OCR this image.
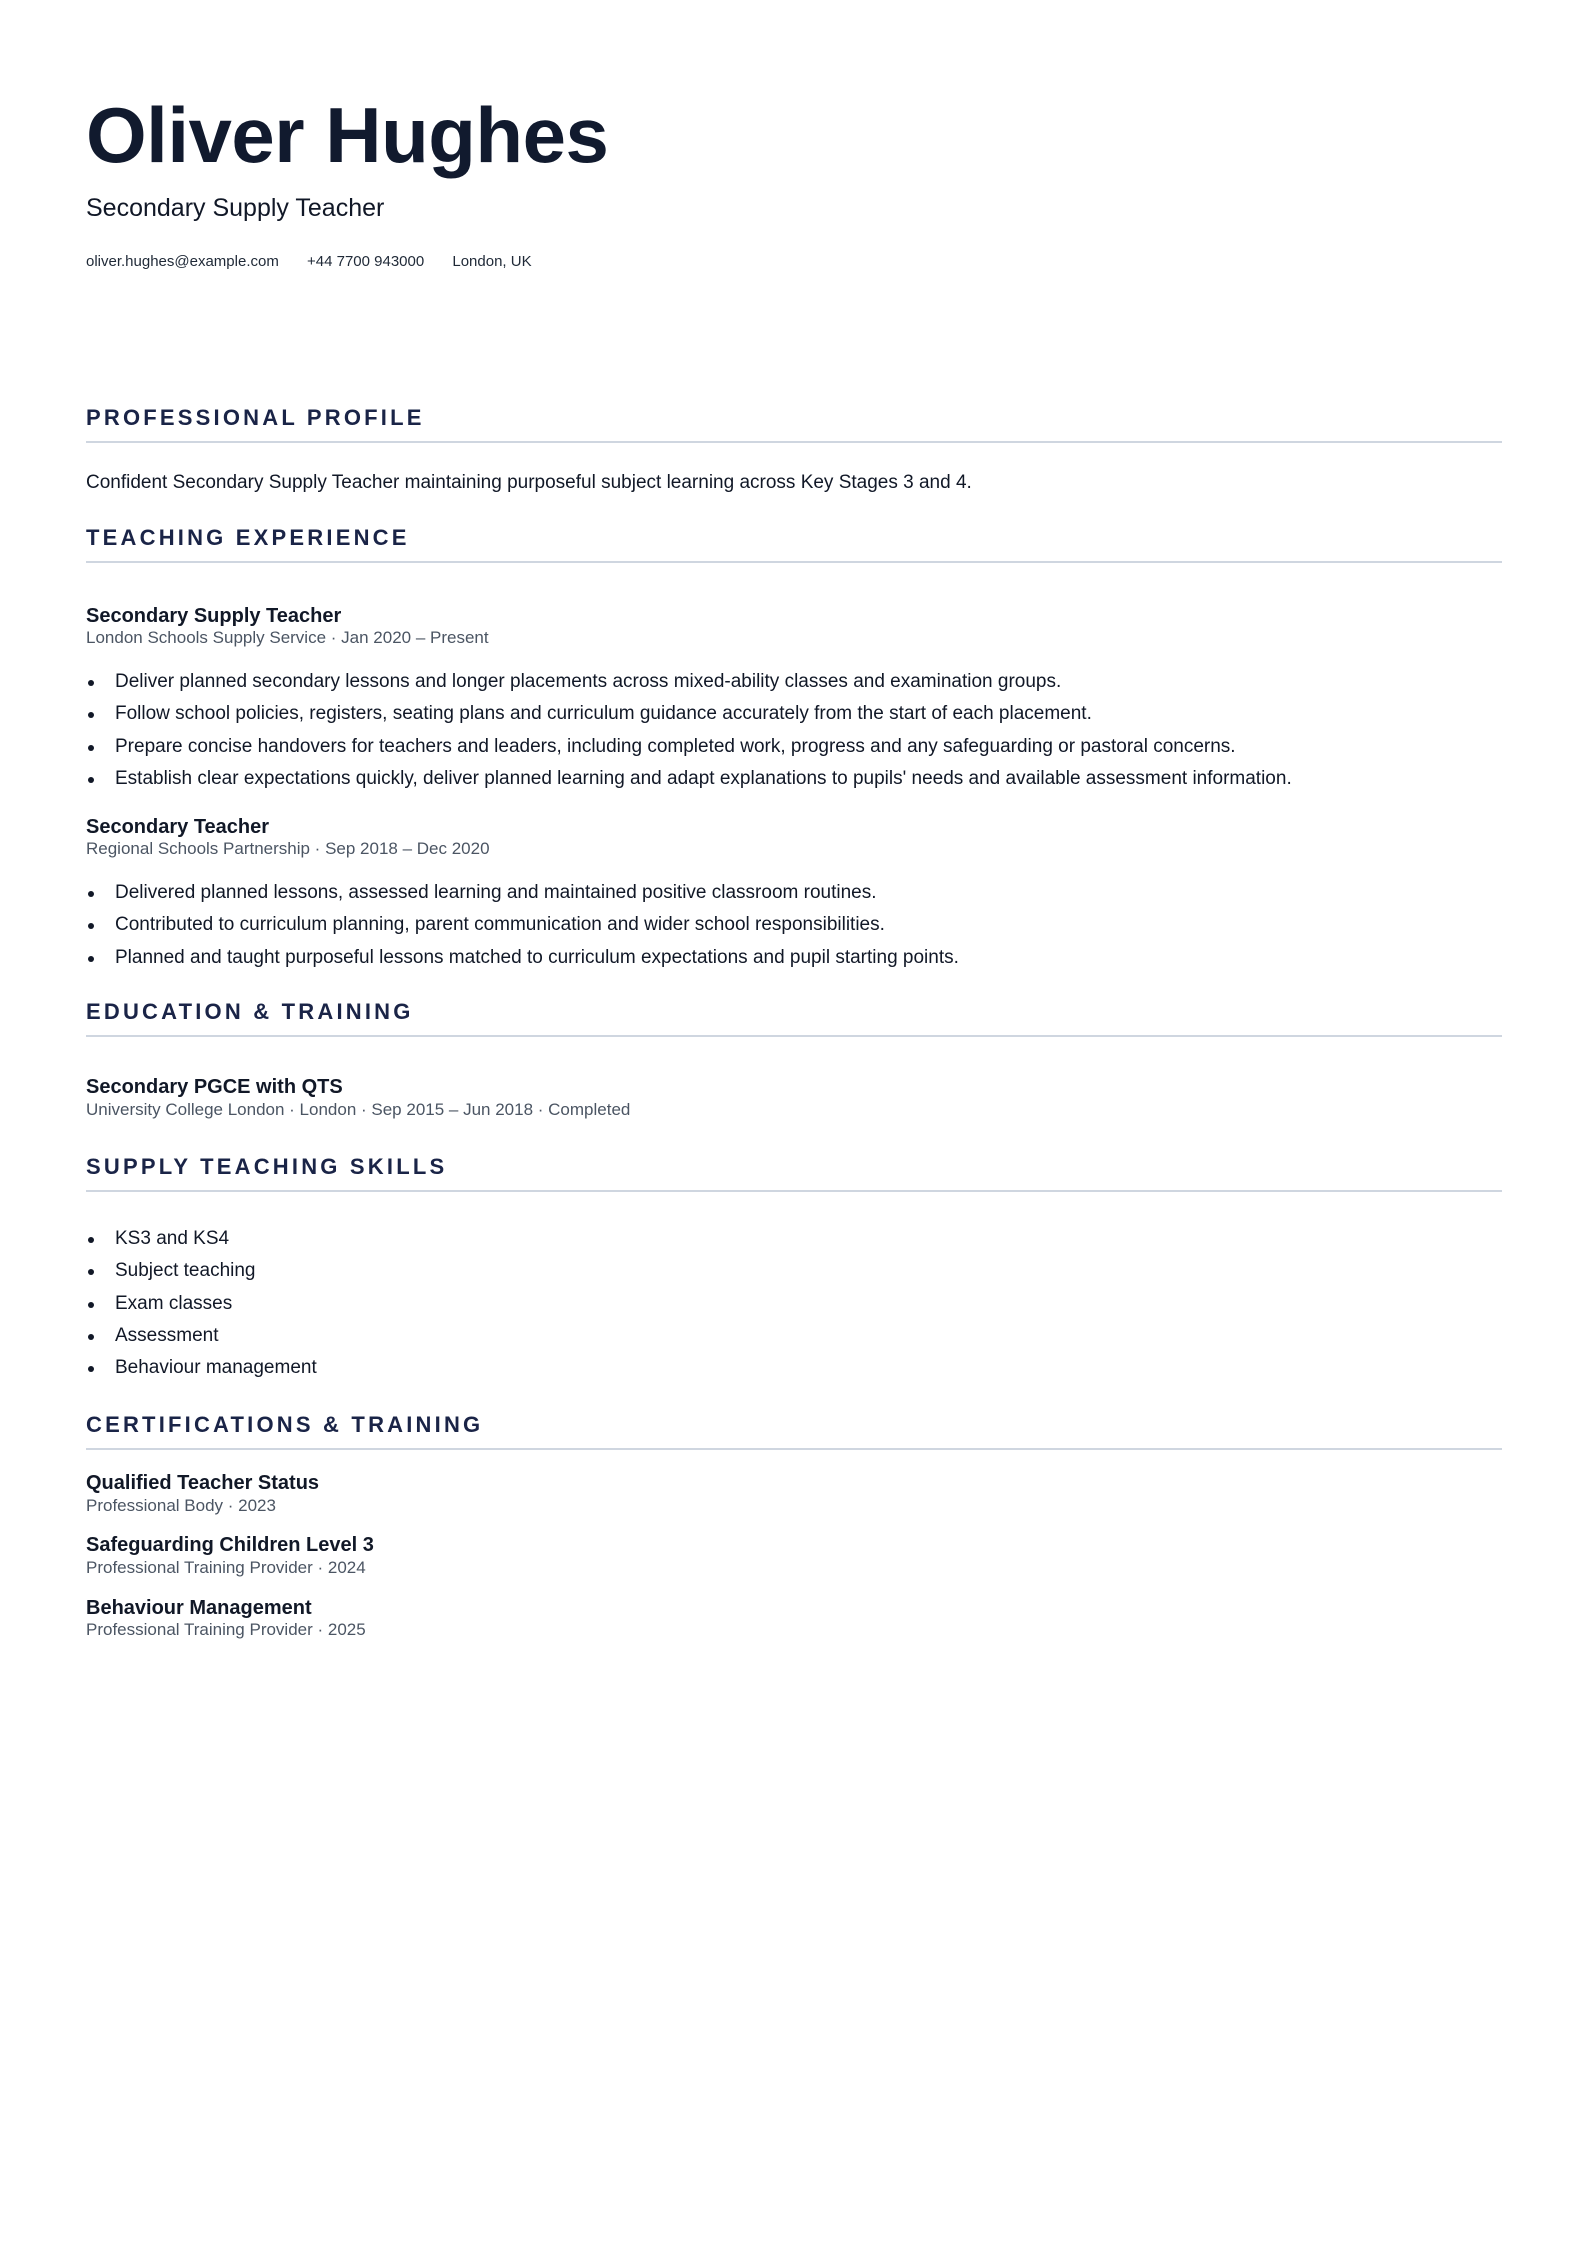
Oliver Hughes
Secondary Supply Teacher
oliver.hughes@example.com +44 7700 943000 London, UK
PROFESSIONAL PROFILE
Confident Secondary Supply Teacher maintaining purposeful subject learning across Key Stages 3 and 4.
TEACHING EXPERIENCE
Secondary Supply Teacher
London Schools Supply Service · Jan 2020 – Present
Deliver planned secondary lessons and longer placements across mixed-ability classes and examination groups.
Follow school policies, registers, seating plans and curriculum guidance accurately from the start of each placement.
Prepare concise handovers for teachers and leaders, including completed work, progress and any safeguarding or pastoral concerns.
Establish clear expectations quickly, deliver planned learning and adapt explanations to pupils' needs and available assessment information.
Secondary Teacher
Regional Schools Partnership · Sep 2018 – Dec 2020
Delivered planned lessons, assessed learning and maintained positive classroom routines.
Contributed to curriculum planning, parent communication and wider school responsibilities.
Planned and taught purposeful lessons matched to curriculum expectations and pupil starting points.
EDUCATION & TRAINING
Secondary PGCE with QTS
University College London · London · Sep 2015 – Jun 2018 · Completed
SUPPLY TEACHING SKILLS
KS3 and KS4
Subject teaching
Exam classes
Assessment
Behaviour management
CERTIFICATIONS & TRAINING
Qualified Teacher Status
Professional Body · 2023
Safeguarding Children Level 3
Professional Training Provider · 2024
Behaviour Management
Professional Training Provider · 2025
